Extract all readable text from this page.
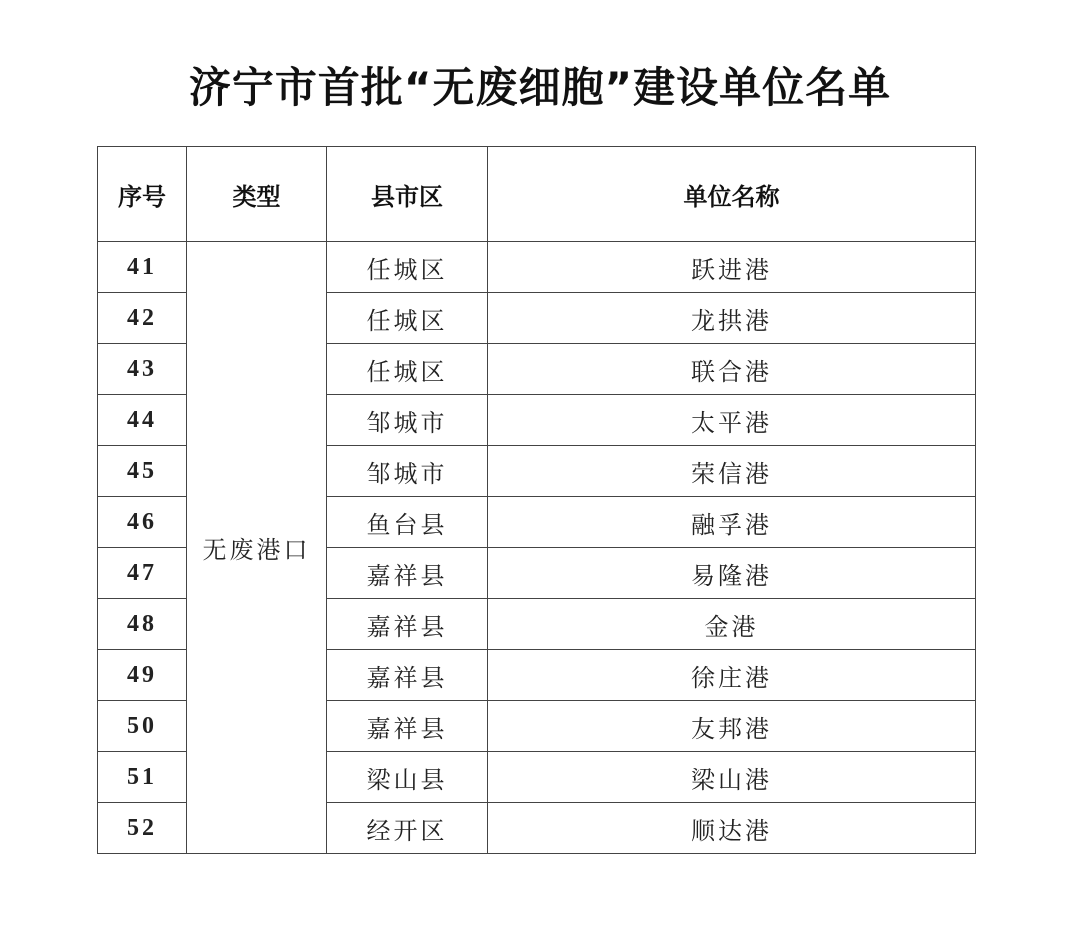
济宁市首批“无废细胞”建设单位名单
序号	类型	县市区	单位名称
41	无废港口	任城区	跃进港
42		任城区	龙拱港
43		任城区	联合港
44		邹城市	太平港
45		邹城市	荣信港
46		鱼台县	融孚港
47		嘉祥县	易隆港
48		嘉祥县	金港
49		嘉祥县	徐庄港
50		嘉祥县	友邦港
51		梁山县	梁山港
52		经开区	顺达港
